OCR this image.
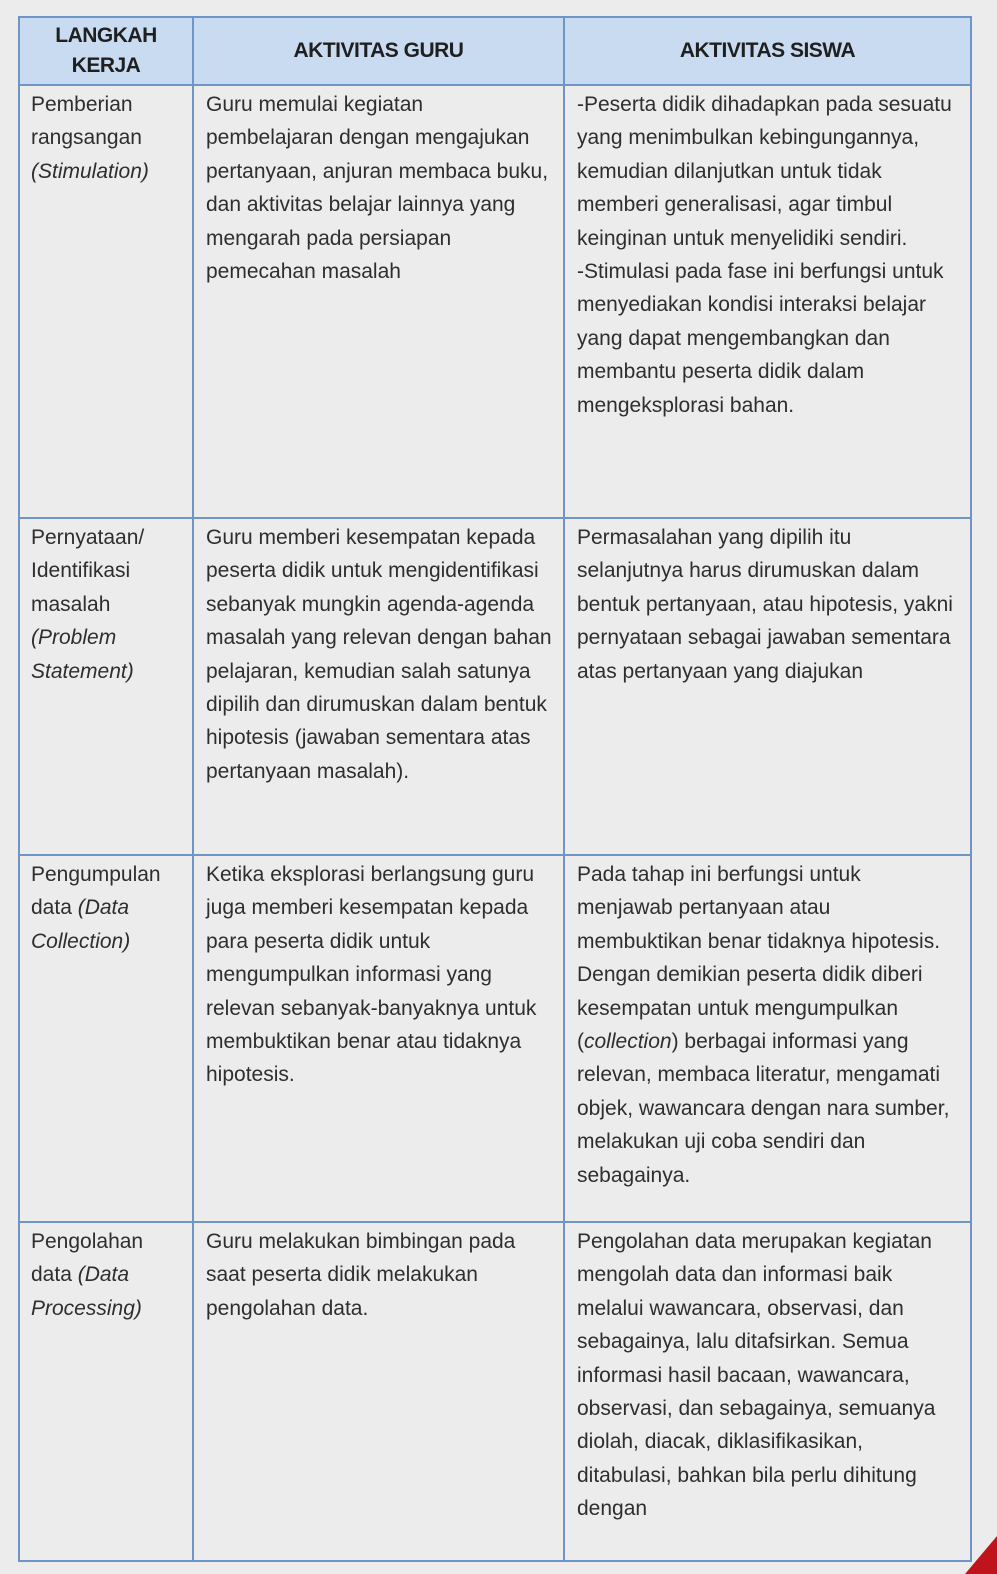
LANGKAH KERJA	AKTIVITAS GURU	AKTIVITAS SISWA
Pemberian rangsangan (Stimulation)	Guru memulai kegiatan pembelajaran dengan mengajukan pertanyaan, anjuran membaca buku, dan aktivitas belajar lainnya yang mengarah pada persiapan pemecahan masalah	-Peserta didik dihadapkan pada sesuatu yang menimbulkan kebingungannya, kemudian dilanjutkan untuk tidak memberi generalisasi, agar timbul keinginan untuk menyelidiki sendiri.
-Stimulasi pada fase ini berfungsi untuk menyediakan kondisi interaksi belajar yang dapat mengembangkan dan membantu peserta didik dalam mengeksplorasi bahan.

Pernyataan/ Identifikasi masalah (Problem Statement)	Guru memberi kesempatan kepada peserta didik untuk mengidentifikasi sebanyak mungkin agenda-agenda masalah yang relevan dengan bahan pelajaran, kemudian salah satunya dipilih dan dirumuskan dalam bentuk hipotesis (jawaban sementara atas pertanyaan masalah).	Permasalahan yang dipilih itu selanjutnya harus dirumuskan dalam bentuk pertanyaan, atau hipotesis, yakni pernyataan sebagai jawaban sementara atas pertanyaan yang diajukan
Pengumpulan data (Data Collection)	Ketika eksplorasi berlangsung guru juga memberi kesempatan kepada para peserta didik untuk mengumpulkan informasi yang relevan sebanyak-banyaknya untuk membuktikan benar atau tidaknya hipotesis.	Pada tahap ini berfungsi untuk menjawab pertanyaan atau membuktikan benar tidaknya hipotesis. Dengan demikian peserta didik diberi kesempatan untuk mengumpulkan (collection) berbagai informasi yang relevan, membaca literatur, mengamati objek, wawancara dengan nara sumber, melakukan uji coba sendiri dan sebagainya.
Pengolahan data (Data Processing)	Guru melakukan bimbingan pada saat peserta didik melakukan pengolahan data.	Pengolahan data merupakan kegiatan mengolah data dan informasi baik melalui wawancara, observasi, dan sebagainya, lalu ditafsirkan. Semua informasi hasil bacaan, wawancara, observasi, dan sebagainya, semuanya diolah, diacak, diklasifikasikan, ditabulasi, bahkan bila perlu dihitung dengan
